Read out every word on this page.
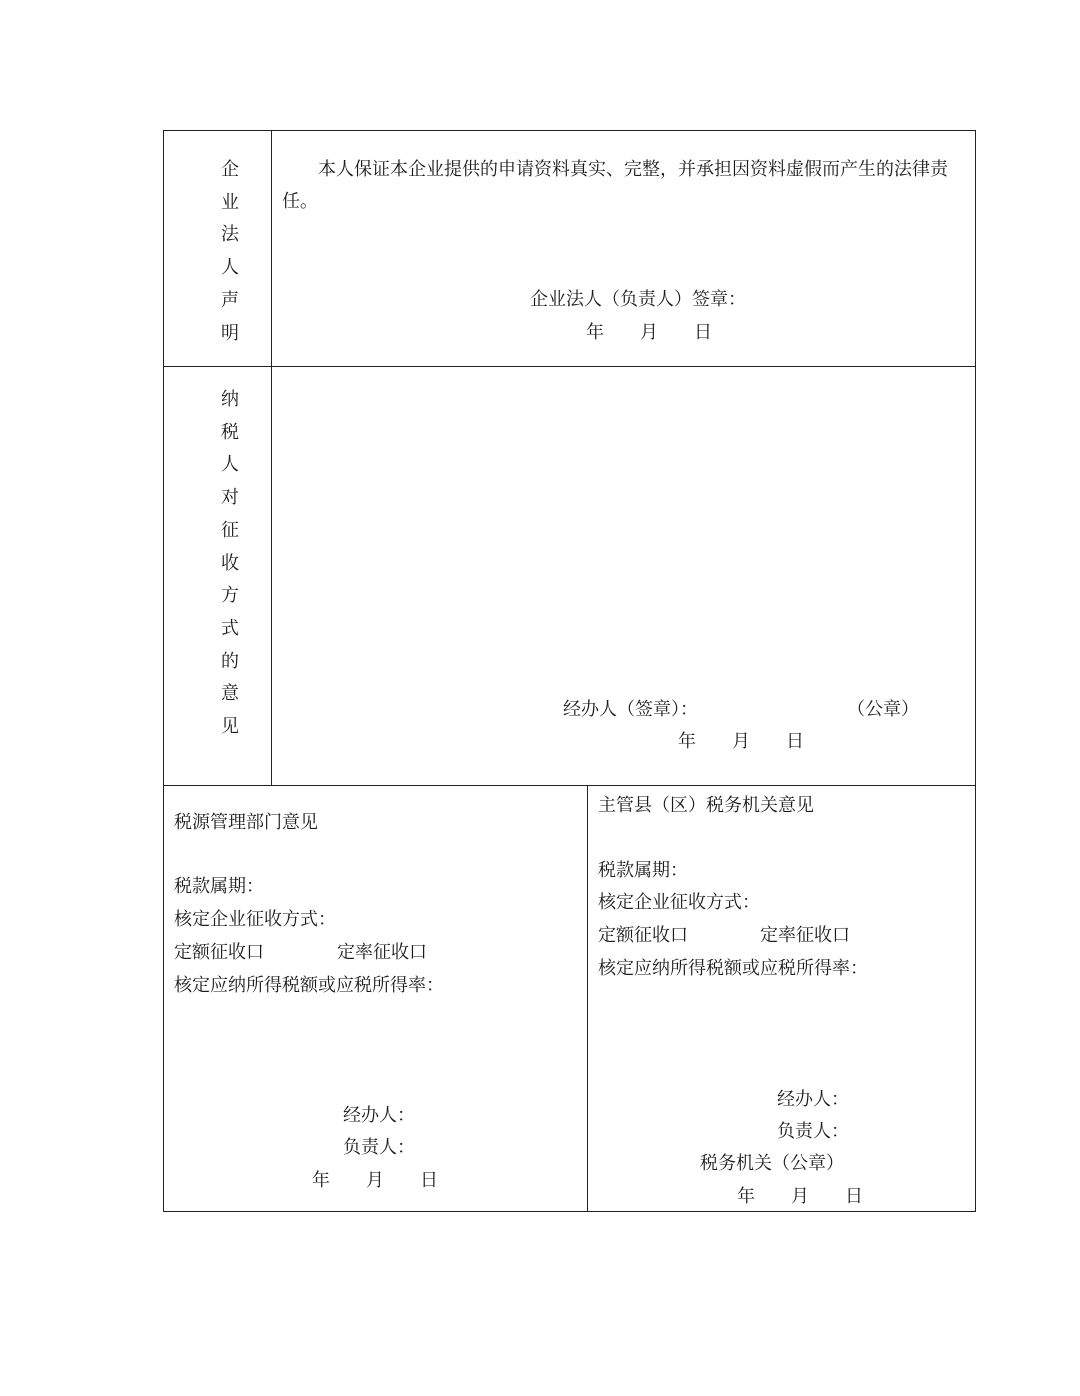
企业法人声明
本人保证本企业提供的申请资料真实、完整，并承担因资料虚假而产生的法律责任。
企业法人（负责人）签章：
年　　月　　日
纳税人对征收方式的意见
经办人（签章）：	（公章）
年　　月　　日
税源管理部门意见
税款属期：
核定企业征收方式：
定额征收口	定率征收口
核定应纳所得税额或应税所得率：
经办人：
负责人：
年　　月　　日
主管县（区）税务机关意见
税款属期：
核定企业征收方式：
定额征收口	定率征收口
核定应纳所得税额或应税所得率：
经办人：
负责人：
税务机关（公章）
年　　月　　日
